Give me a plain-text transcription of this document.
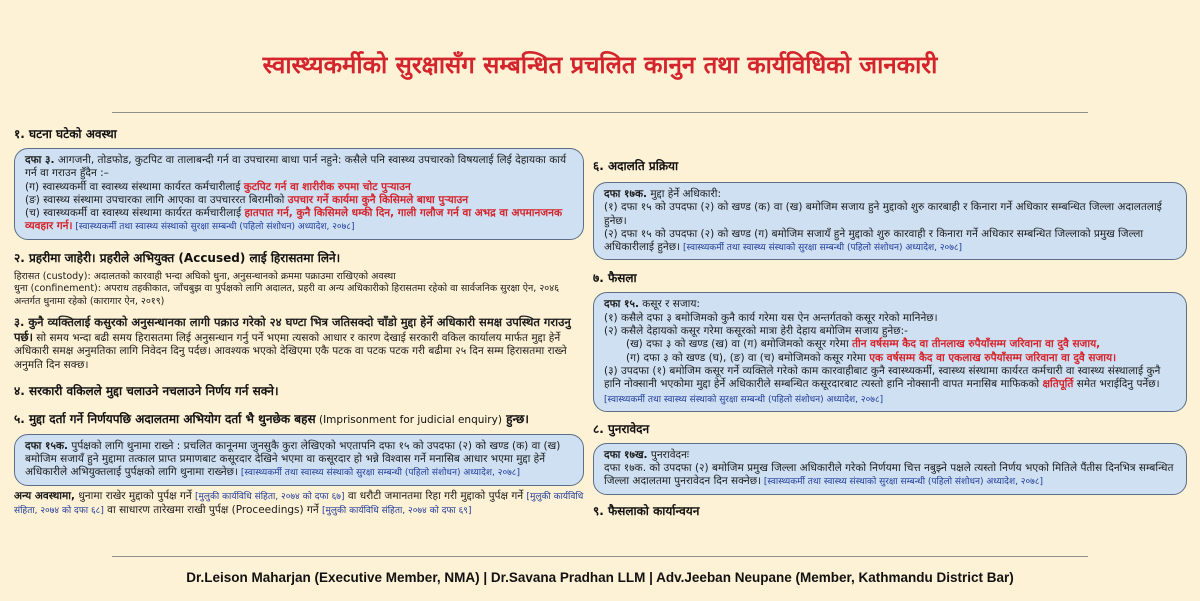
स्वास्थ्यकर्मीको सुरक्षासँग सम्बन्धित प्रचलित कानुन तथा कार्यविधिको जानकारी
१. घटना घटेको अवस्था

दफा ३. आगजनी, तोडफोड, कुटपिट वा तालाबन्दी गर्न वा उपचारमा बाधा पार्न नहुने: कसैले पनि स्वास्थ्य उपचारको विषयलाई लिई देहायका कार्य गर्न वा गराउन हुँदैन :–

(ग) स्वास्थ्यकर्मी वा स्वास्थ्य संस्थामा कार्यरत कर्मचारीलाई कुटपिट गर्न वा शारीरीक रुपमा चोट पुऱ्याउन

(ङ) स्वास्थ्य संस्थामा उपचारका लागि आएका वा उपचाररत बिरामीको उपचार गर्ने कार्यमा कुनै किसिमले बाधा पुऱ्याउन

(च) स्वास्थ्यकर्मी वा स्वास्थ्य संस्थामा कार्यरत कर्मचारीलाई हातपात गर्न, कुनै किसिमले धम्की दिन, गाली गलौज गर्न वा अभद्र वा अपमानजनक व्यवहार गर्न। [स्वास्थ्यकर्मी तथा स्वास्थ्य संस्थाको सुरक्षा सम्बन्धी (पहिलो संशोधन) अध्यादेश, २०७८]

२. प्रहरीमा जाहेरी। प्रहरीले अभियुक्त (Accused) लाई हिरासतमा लिने।

हिरासत (custody): अदालतको कारवाही भन्दा अघिको धुना, अनुसन्धानको क्रममा पक्राउमा राखिएको अवस्था

धुना (confinement): अपराध तहकीकात, जाँचबुझ वा पुर्पक्षको लागि अदालत, प्रहरी वा अन्य अधिकारीको हिरासतमा रहेको वा सार्वजनिक सुरक्षा ऐन, २०४६ अन्तर्गत धुनामा रहेको (कारागार ऐन, २०१९)

३. कुनै व्यक्तिलाई कसुरको अनुसन्धानका लागी पक्राउ गरेको २४ घण्टा भित्र जतिसक्दो चाँडो मुद्दा हेर्ने अधिकारी समक्ष उपस्थित गराउनु पर्छ। सो समय भन्दा बढी समय हिरासतमा लिई अनुसन्धान गर्नु पर्ने भएमा त्यसको आधार र कारण देखाई सरकारी वकिल कार्यालय मार्फत मुद्दा हेर्ने अधिकारी समक्ष अनुमतिका लागि निवेदन दिनु पर्दछ। आवश्यक भएको देखिएमा एकै पटक वा पटक पटक गरी बढीमा २५ दिन सम्म हिरासतमा राख्ने अनुमति दिन सक्छ।

४. सरकारी वकिलले मुद्दा चलाउने नचलाउने निर्णय गर्न सक्ने।

५. मुद्दा दर्ता गर्ने निर्णयपछि अदालतमा अभियोग दर्ता भै थुनछेक बहस (Imprisonment for judicial enquiry) हुन्छ।

दफा १५क. पुर्पक्षको लागि थुनामा राख्ने : प्रचलित कानूनमा जुनसुकै कुरा लेखिएको भएतापनि दफा १५ को उपदफा (२) को खण्ड (क) वा (ख) बमोजिम सजायँ हुने मुद्दामा तत्काल प्राप्त प्रमाणबाट कसूरदार देखिने भएमा वा कसूरदार हो भन्ने विश्वास गर्ने मनासिब आधार भएमा मुद्दा हेर्ने अधिकारीले अभियुक्तलाई पुर्पक्षको लागि थुनामा राख्नेछ। [स्वास्थ्यकर्मी तथा स्वास्थ्य संस्थाको सुरक्षा सम्बन्धी (पहिलो संशोधन) अध्यादेश, २०७८]

अन्य अवस्थामा, धुनामा राखेर मुद्दाको पुर्पक्ष गर्ने [मुलुकी कार्यविधि संहिता, २०७४ को दफा ६७] वा धरौटी जमानतमा रिहा गरी मुद्दाको पुर्पक्ष गर्ने [मुलुकी कार्यविधि संहिता, २०७४ को दफा ६८] वा साधारण तारेखमा राखी पुर्पक्ष (Proceedings) गर्ने [मुलुकी कार्यविधि संहिता, २०७४ को दफा ६९]

६. अदालति प्रक्रिया

दफा १७क. मुद्दा हेर्ने अधिकारी:

(१) दफा १५ को उपदफा (२) को खण्ड (क) वा (ख) बमोजिम सजाय हुने मुद्दाको शुरु कारबाही र किनारा गर्ने अधिकार सम्बन्धित जिल्ला अदालतलाई हुनेछ।

(२) दफा १५ को उपदफा (२) को खण्ड (ग) बमोजिम सजायँ हुने मुद्दाको शुरु कारवाही र किनारा गर्ने अधिकार सम्बन्धित जिल्लाको प्रमुख जिल्ला अधिकारीलाई हुनेछ। [स्वास्थ्यकर्मी तथा स्वास्थ्य संस्थाको सुरक्षा सम्बन्धी (पहिलो संशोधन) अध्यादेश, २०७८]

७. फैसला

दफा १५. कसूर र सजाय:

(१) कसैले दफा ३ बमोजिमको कुनै कार्य गरेमा यस ऐन अन्तर्गतको कसूर गरेको मानिनेछ।

(२) कसैले देहायको कसूर गरेमा कसूरको मात्रा हेरी देहाय बमोजिम सजाय हुनेछ:-

(ख) दफा ३ को खण्ड (ख) वा (ग) बमोजिमको कसूर गरेमा तीन वर्षसम्म कैद वा तीनलाख रुपैयाँसम्म जरिवाना वा दुवै सजाय,

(ग) दफा ३ को खण्ड (घ), (ङ) वा (च) बमोजिमको कसूर गरेमा एक वर्षसम्म कैद वा एकलाख रुपैयाँसम्म जरिवाना वा दुवै सजाय।

(३) उपदफा (१) बमोजिम कसूर गर्ने व्यक्तिले गरेको काम कारवाहीबाट कुनै स्वास्थ्यकर्मी, स्वास्थ्य संस्थामा कार्यरत कर्मचारी वा स्वास्थ्य संस्थालाई कुनै हानि नोक्सानी भएकोमा मुद्दा हेर्ने अधिकारीले सम्बन्धित कसूरदारबाट त्यस्तो हानि नोक्सानी वापत मनासिब माफिकको क्षतिपूर्ति समेत भराईदिनु पर्नेछ। [स्वास्थ्यकर्मी तथा स्वास्थ्य संस्थाको सुरक्षा सम्बन्धी (पहिलो संशोधन) अध्यादेश, २०७८]

८. पुनरावेदन

दफा १७ख. पुनरावेदनः

दफा १७क. को उपदफा (२) बमोजिम प्रमुख जिल्ला अधिकारीले गरेको निर्णयमा चित्त नबुझ्ने पक्षले त्यस्तो निर्णय भएको मितिले पैंतीस दिनभित्र सम्बन्धित जिल्ला अदालतमा पुनरावेदन दिन सक्नेछ। [स्वास्थ्यकर्मी तथा स्वास्थ्य संस्थाको सुरक्षा सम्बन्धी (पहिलो संशोधन) अध्यादेश, २०७८]

९. फैसलाको कार्यान्वयन
Dr.Leison Maharjan (Executive Member, NMA) | Dr.Savana Pradhan LLM | Adv.Jeeban Neupane (Member, Kathmandu District Bar)
